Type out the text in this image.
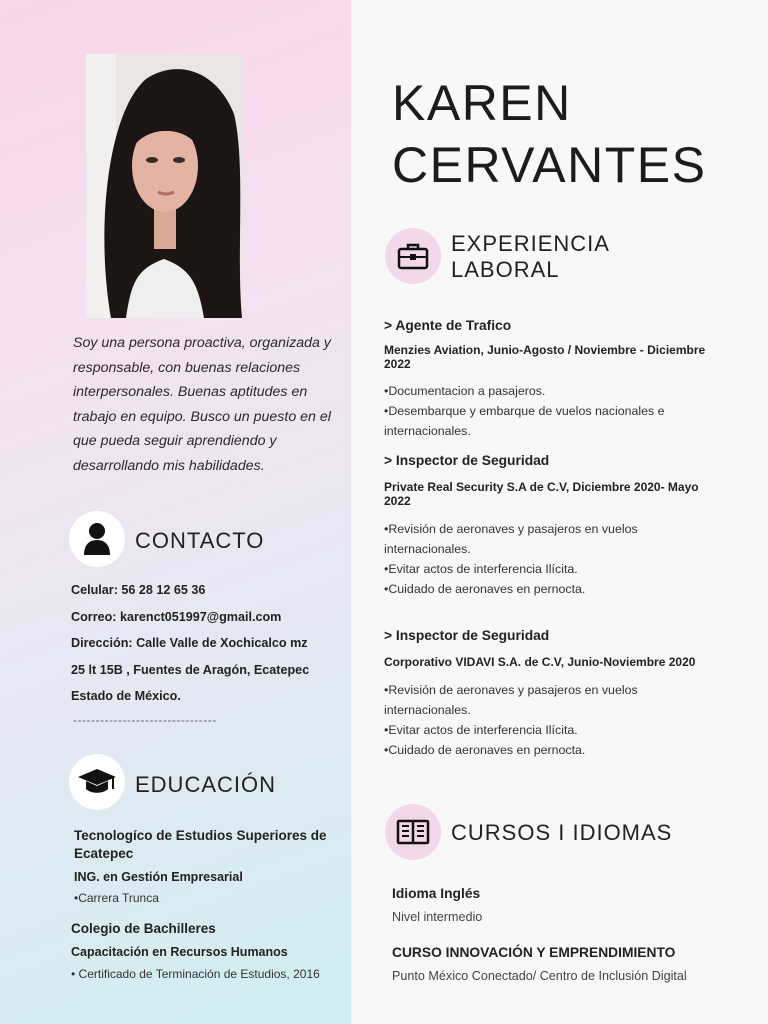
Soy una persona proactiva, organizada y responsable, con buenas relaciones interpersonales. Buenas aptitudes en trabajo en equipo. Busco un puesto en el que pueda seguir aprendiendo y desarrollando mis habilidades.
CONTACTO
Celular: 56 28 12 65 36
Correo: karenct051997@gmail.com
Dirección: Calle Valle de Xochicalco mz
25 lt 15B , Fuentes de Aragón, Ecatepec
Estado de México.
--------------------------------
EDUCACIÓN
Tecnologíco de Estudios Superiores de Ecatepec
ING. en Gestión Empresarial
•Carrera Trunca
Colegio de Bachilleres
Capacitación en Recursos Humanos
• Certificado de Terminación de Estudios, 2016
KAREN
CERVANTES
EXPERIENCIA
LABORAL
> Agente de Trafico
Menzies Aviation, Junio-Agosto / Noviembre - Diciembre 2022
•Documentacion a pasajeros.
•Desembarque y embarque de vuelos nacionales e internacionales.
> Inspector de Seguridad
Private Real Security S.A de C.V, Diciembre 2020- Mayo 2022
•Revisión de aeronaves y pasajeros en vuelos internacionales.
•Evitar actos de interferencia Ilícita.
•Cuidado de aeronaves en pernocta.
> Inspector de Seguridad
Corporativo VIDAVI S.A. de C.V, Junio-Noviembre 2020
•Revisión de aeronaves y pasajeros en vuelos internacionales.
•Evitar actos de interferencia Ilícita.
•Cuidado de aeronaves en pernocta.
CURSOS I IDIOMAS
Idioma Inglés
Nivel intermedio
CURSO INNOVACIÓN Y EMPRENDIMIENTO
Punto México Conectado/ Centro de Inclusión Digital
